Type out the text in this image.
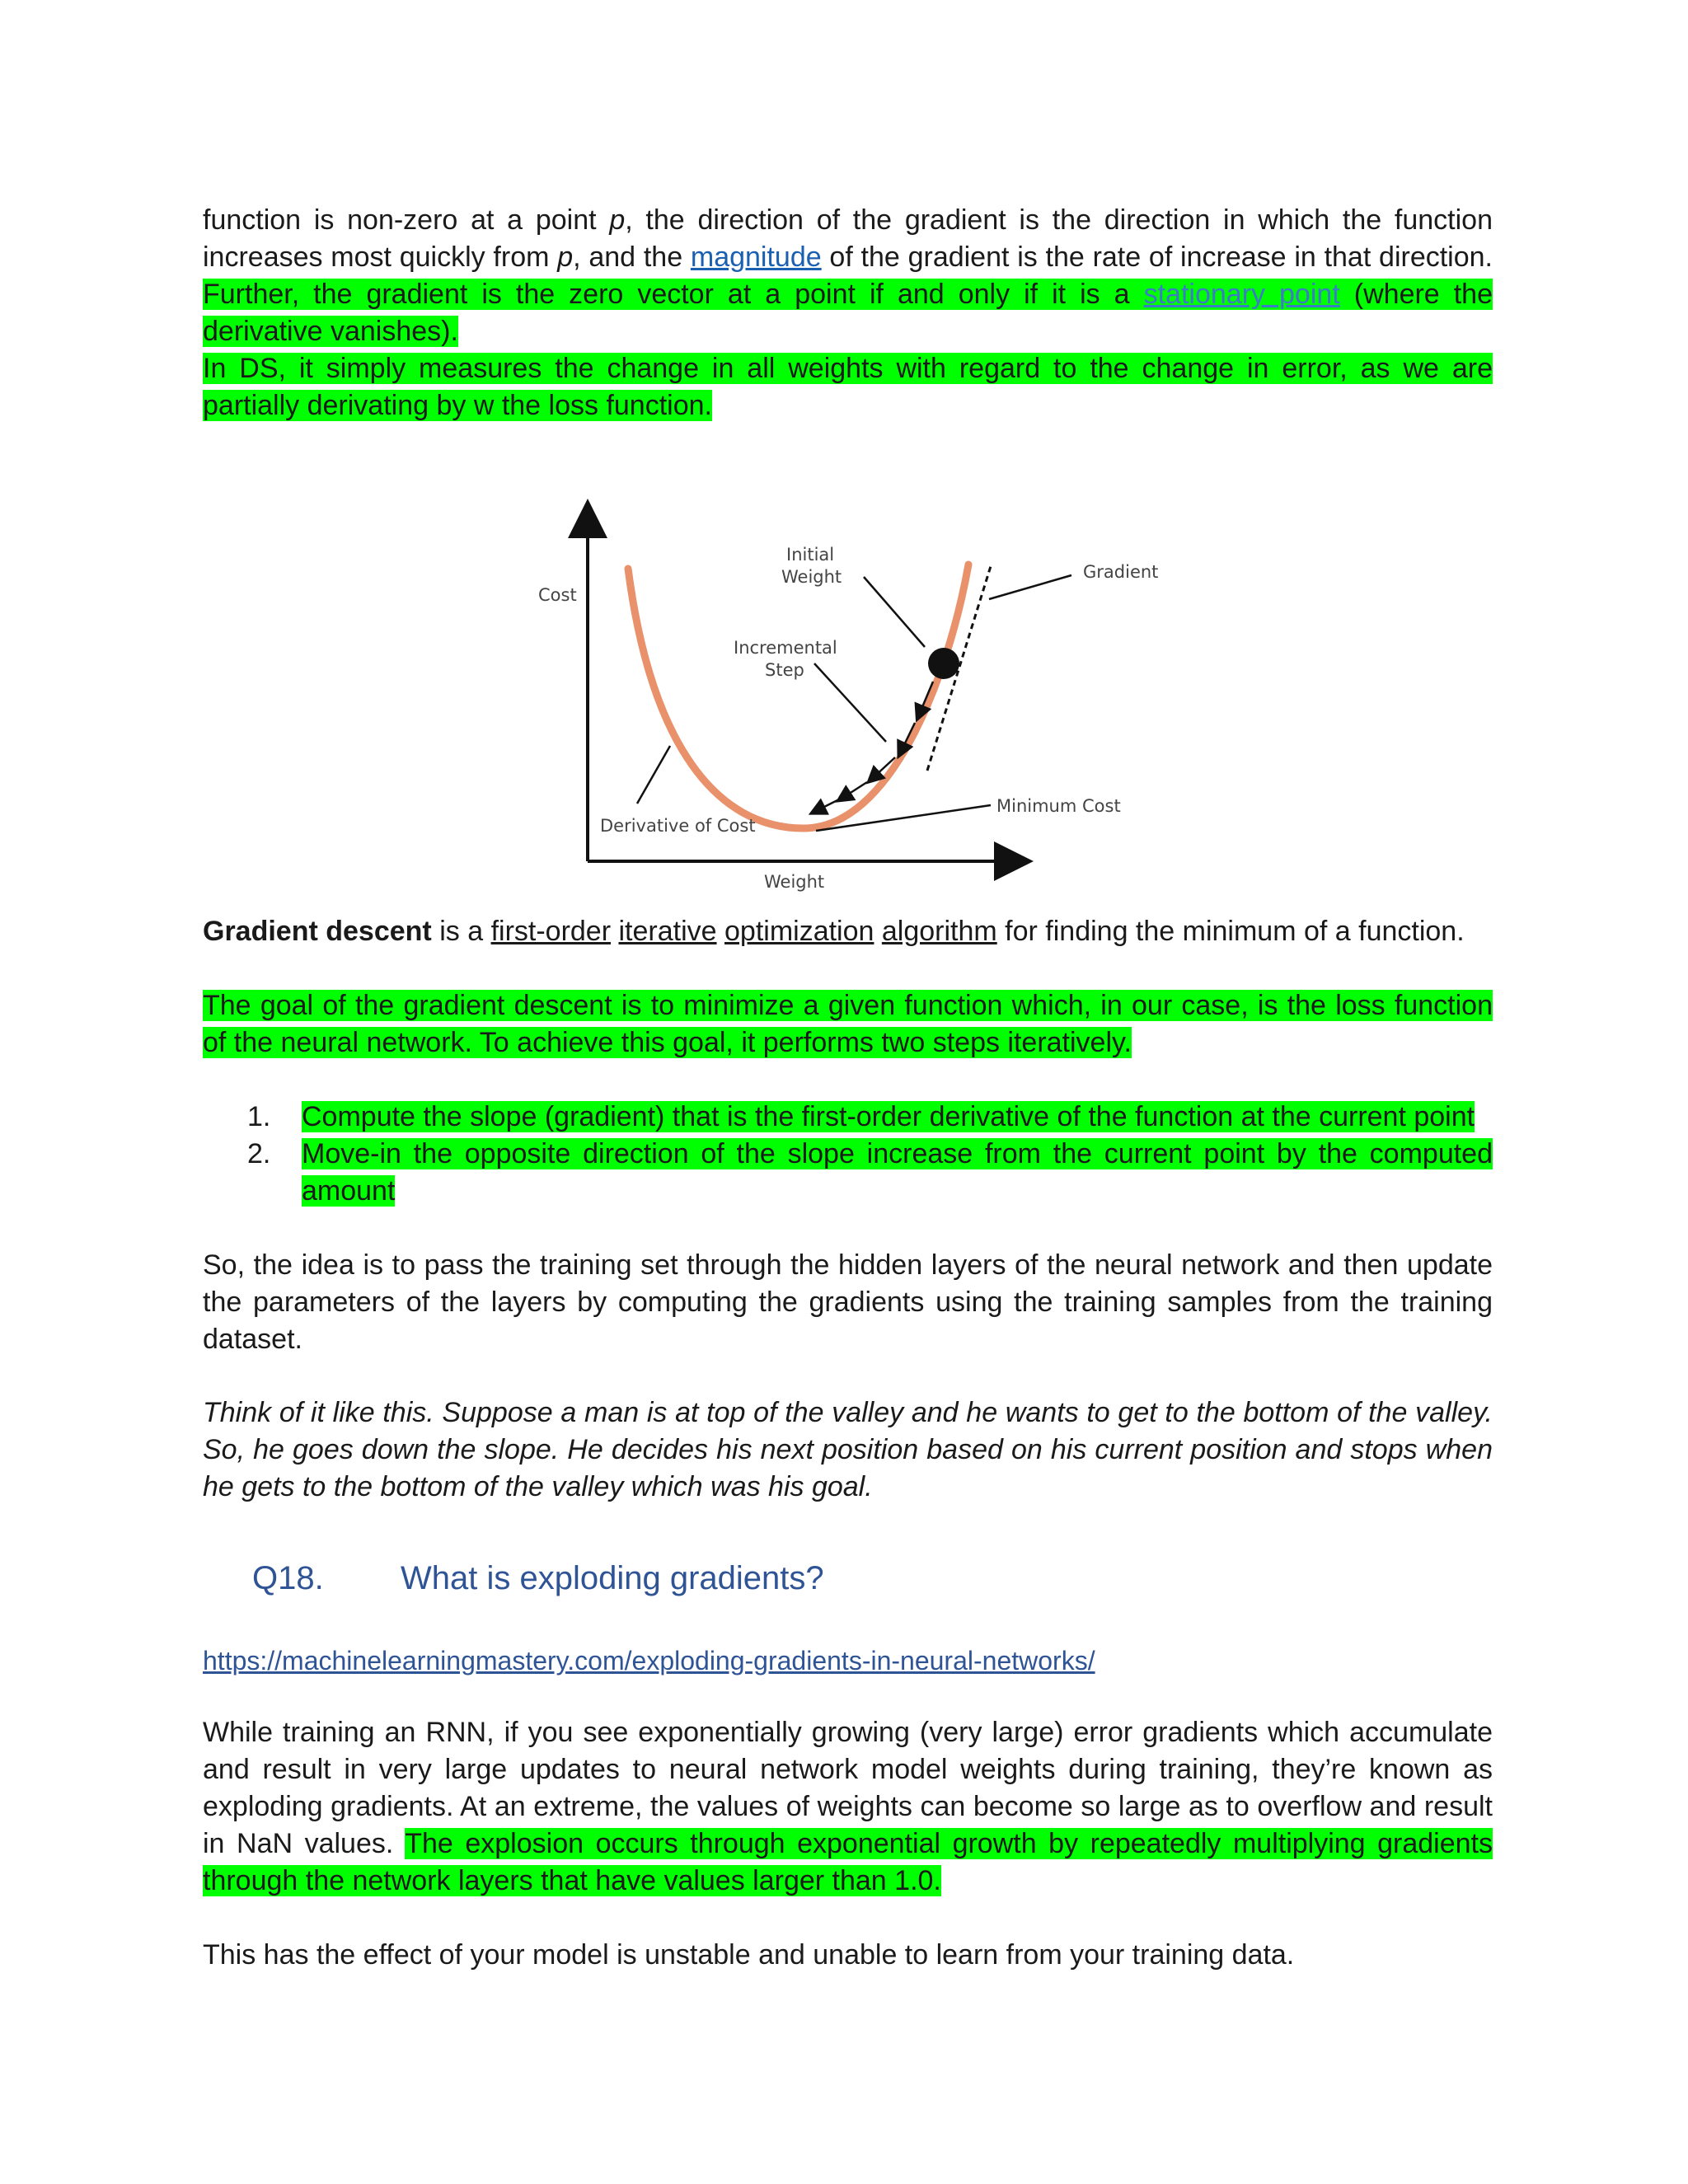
function is non-zero at a point p, the direction of the gradient is the direction in which the function increases most quickly from p, and the magnitude of the gradient is the rate of increase in that direction. Further, the gradient is the zero vector at a point if and only if it is a stationary point (where the derivative vanishes).
In DS, it simply measures the change in all weights with regard to the change in error, as we are partially derivating by w the loss function.

Cost
Weight
Initial
Weight
Incremental
Step
Gradient
Minimum Cost
Derivative of Cost

Gradient descent is a first-order iterative optimization algorithm for finding the minimum of a function.

The goal of the gradient descent is to minimize a given function which, in our case, is the loss function of the neural network. To achieve this goal, it performs two steps iteratively.

1. Compute the slope (gradient) that is the first-order derivative of the function at the current point
2. Move-in the opposite direction of the slope increase from the current point by the computed amount

So, the idea is to pass the training set through the hidden layers of the neural network and then update the parameters of the layers by computing the gradients using the training samples from the training dataset.

Think of it like this. Suppose a man is at top of the valley and he wants to get to the bottom of the valley. So, he goes down the slope. He decides his next position based on his current position and stops when he gets to the bottom of the valley which was his goal.

Q18. What is exploding gradients?

https://machinelearningmastery.com/exploding-gradients-in-neural-networks/

While training an RNN, if you see exponentially growing (very large) error gradients which accumulate and result in very large updates to neural network model weights during training, they’re known as exploding gradients. At an extreme, the values of weights can become so large as to overflow and result in NaN values. The explosion occurs through exponential growth by repeatedly multiplying gradients through the network layers that have values larger than 1.0.

This has the effect of your model is unstable and unable to learn from your training data.
